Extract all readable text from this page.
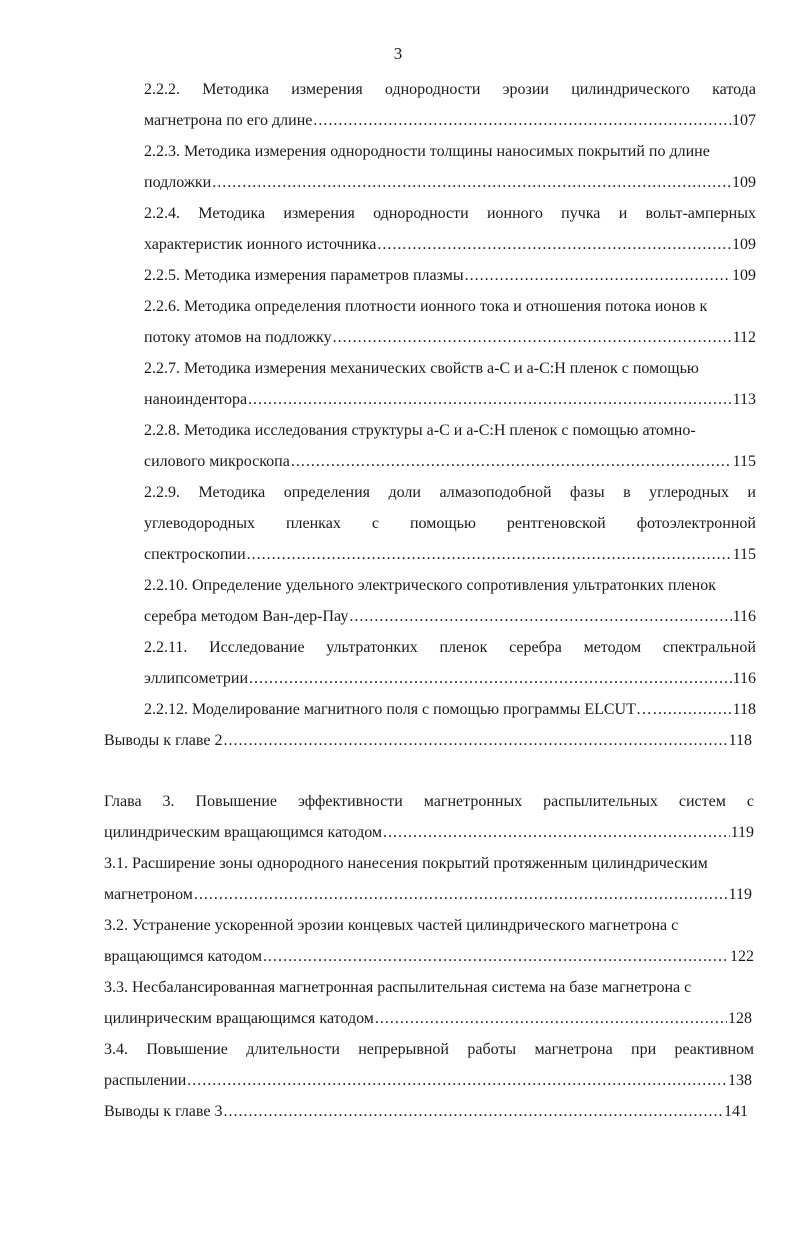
3
2.2.2. Методика измерения однородности эрозии цилиндрического катода
магнетрона по его длине .....	107
2.2.3. Методика измерения однородности толщины наносимых покрытий по длине
подложки .....	109
2.2.4. Методика измерения однородности ионного пучка и вольт-амперных
характеристик ионного источника .....	109
2.2.5. Методика измерения параметров плазмы .....	109
2.2.6. Методика определения плотности ионного тока и отношения потока ионов к
потоку атомов на подложку .....	112
2.2.7. Методика измерения механических свойств a-C и a-C:H пленок с помощью
наноиндентора .....	113
2.2.8. Методика исследования структуры a-C и a-C:H пленок с помощью атомно-
силового микроскопа .....	115
2.2.9. Методика определения доли алмазоподобной фазы в углеродных и
углеводородных пленках с помощью рентгеновской фотоэлектронной
спектроскопии .....	115
2.2.10. Определение удельного электрического сопротивления ультратонких пленок
серебра методом Ван-дер-Пау .....	116
2.2.11. Исследование ультратонких пленок серебра методом спектральной
эллипсометрии .....	116
2.2.12. Моделирование магнитного поля с помощью программы ELCUT… .....	118
Выводы к главе 2 .....	118
Глава 3. Повышение эффективности магнетронных распылительных систем с
цилиндрическим вращающимся катодом .....	119
3.1. Расширение зоны однородного нанесения покрытий протяженным цилиндрическим
магнетроном .....	119
3.2. Устранение ускоренной эрозии концевых частей цилиндрического магнетрона с
вращающимся катодом .....	122
3.3. Несбалансированная магнетронная распылительная система на базе магнетрона с
цилинрическим вращающимся катодом .....	128
3.4. Повышение длительности непрерывной работы магнетрона при реактивном
распылении .....	138
Выводы к главе 3 .....	141
